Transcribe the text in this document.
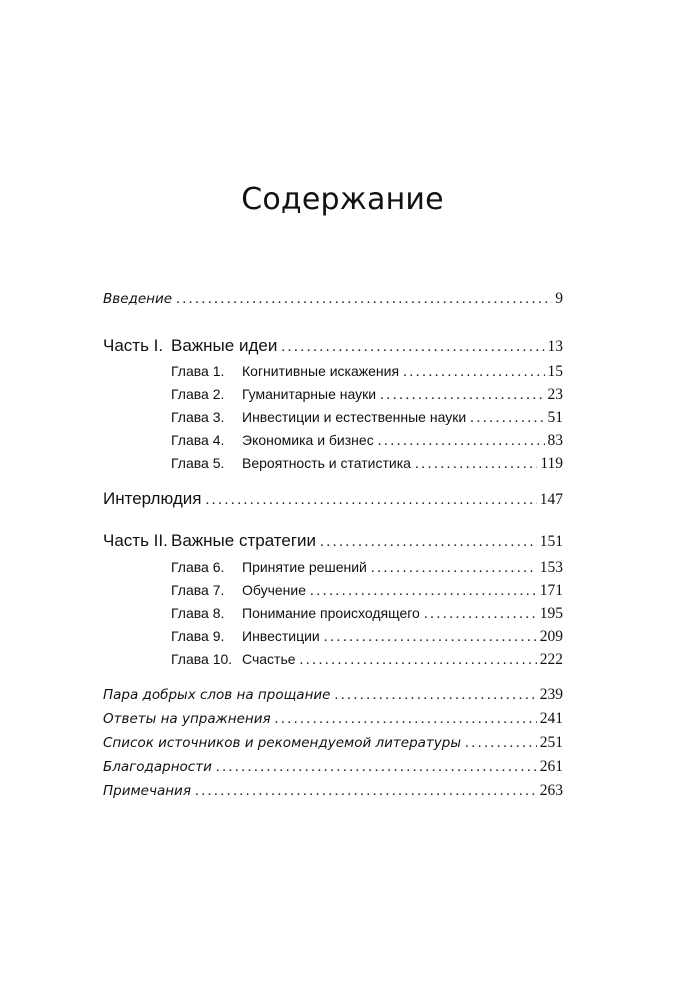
Содержание
Введение .....	9
Часть I. Важные идеи .....	13
Глава 1. Когнитивные искажения .....	15
Глава 2. Гуманитарные науки .....	23
Глава 3. Инвестиции и естественные науки .....	51
Глава 4. Экономика и бизнес .....	83
Глава 5. Вероятность и статистика .....	119
Интерлюдия .....	147
Часть II. Важные стратегии .....	151
Глава 6. Принятие решений .....	153
Глава 7. Обучение .....	171
Глава 8. Понимание происходящего .....	195
Глава 9. Инвестиции .....	209
Глава 10. Счастье .....	222
Пара добрых слов на прощание .....	239
Ответы на упражнения .....	241
Список источников и рекомендуемой литературы .....	251
Благодарности .....	261
Примечания .....	263
